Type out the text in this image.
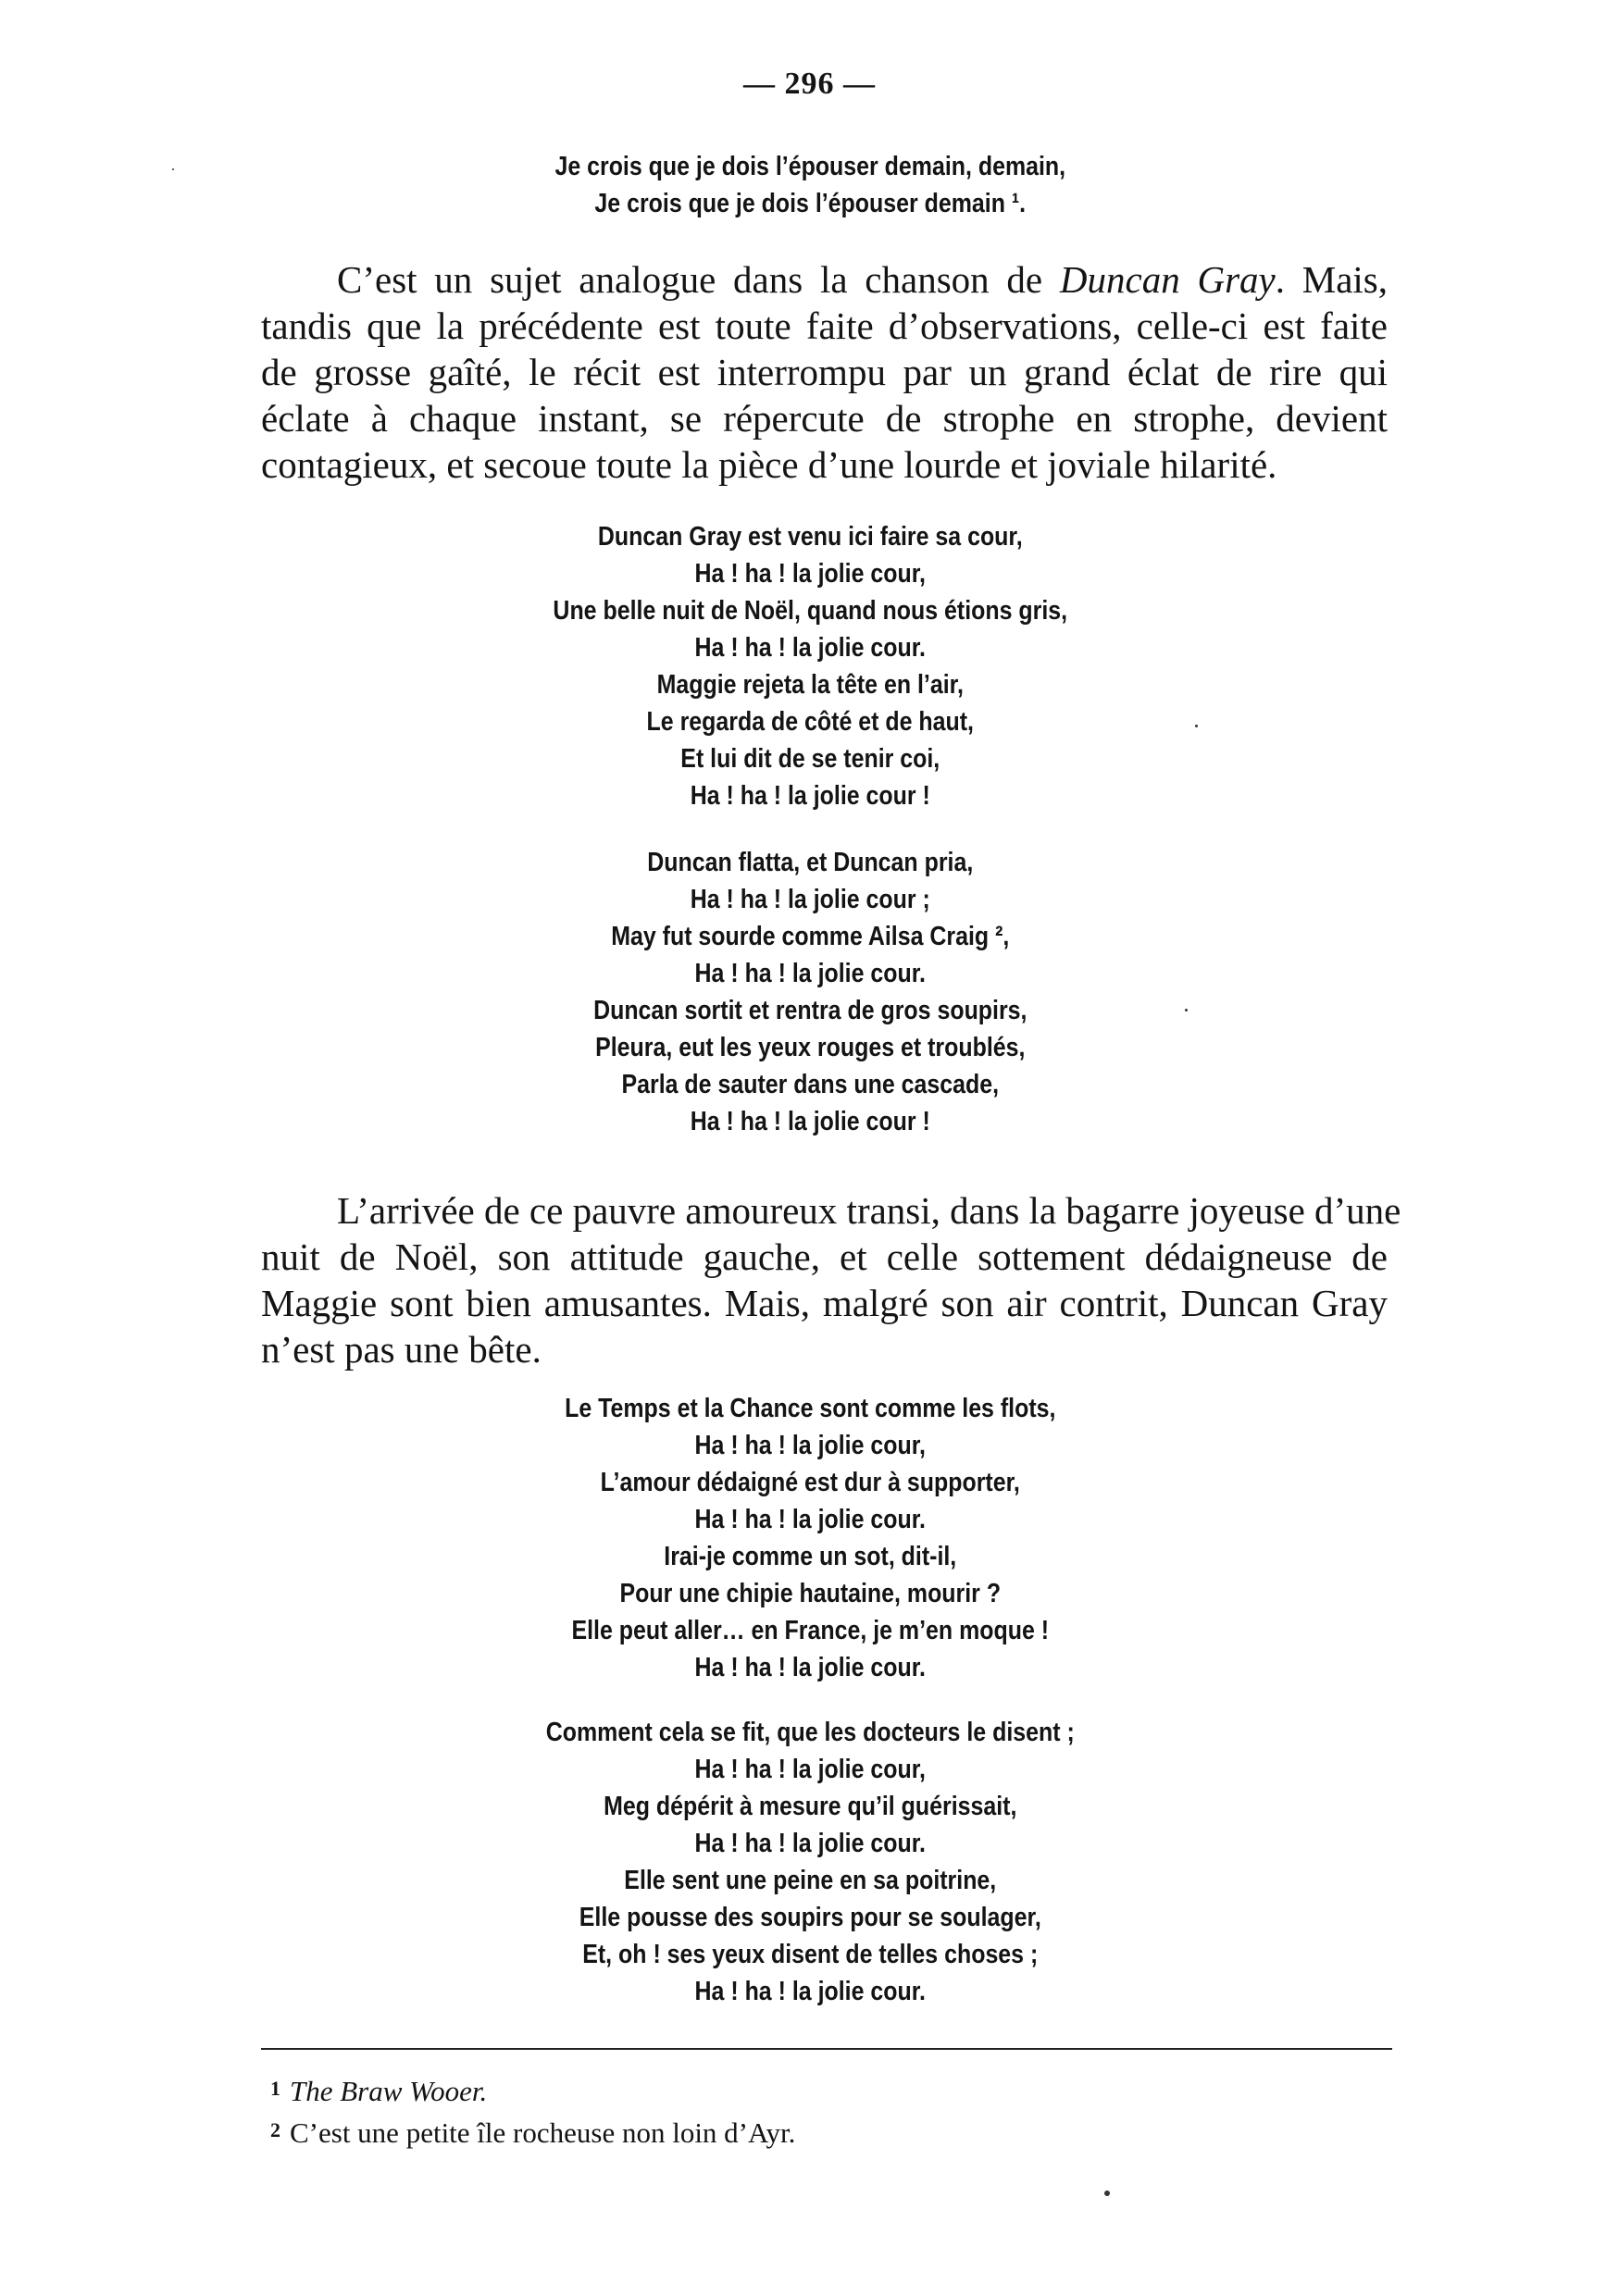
— 296 —
Je crois que je dois l’épouser demain, demain,
Je crois que je dois l’épouser demain ¹.
C’est un sujet analogue dans la chanson de Duncan Gray. Mais,
tandis que la précédente est toute faite d’observations, celle-ci est faite
de grosse gaîté, le récit est interrompu par un grand éclat de rire qui
éclate à chaque instant, se répercute de strophe en strophe, devient
contagieux, et secoue toute la pièce d’une lourde et joviale hilarité.
Duncan Gray est venu ici faire sa cour,
Ha ! ha ! la jolie cour,
Une belle nuit de Noël, quand nous étions gris,
Ha ! ha ! la jolie cour.
Maggie rejeta la tête en l’air,
Le regarda de côté et de haut,
Et lui dit de se tenir coi,
Ha ! ha ! la jolie cour !
Duncan flatta, et Duncan pria,
Ha ! ha ! la jolie cour ;
May fut sourde comme Ailsa Craig ²,
Ha ! ha ! la jolie cour.
Duncan sortit et rentra de gros soupirs,
Pleura, eut les yeux rouges et troublés,
Parla de sauter dans une cascade,
Ha ! ha ! la jolie cour !
L’arrivée de ce pauvre amoureux transi, dans la bagarre joyeuse d’une
nuit de Noël, son attitude gauche, et celle sottement dédaigneuse de
Maggie sont bien amusantes. Mais, malgré son air contrit, Duncan Gray
n’est pas une bête.
Le Temps et la Chance sont comme les flots,
Ha ! ha ! la jolie cour,
L’amour dédaigné est dur à supporter,
Ha ! ha ! la jolie cour.
Irai-je comme un sot, dit-il,
Pour une chipie hautaine, mourir ?
Elle peut aller… en France, je m’en moque !
Ha ! ha ! la jolie cour.
Comment cela se fit, que les docteurs le disent ;
Ha ! ha ! la jolie cour,
Meg dépérit à mesure qu’il guérissait,
Ha ! ha ! la jolie cour.
Elle sent une peine en sa poitrine,
Elle pousse des soupirs pour se soulager,
Et, oh ! ses yeux disent de telles choses ;
Ha ! ha ! la jolie cour.
1 The Braw Wooer.
2 C’est une petite île rocheuse non loin d’Ayr.
